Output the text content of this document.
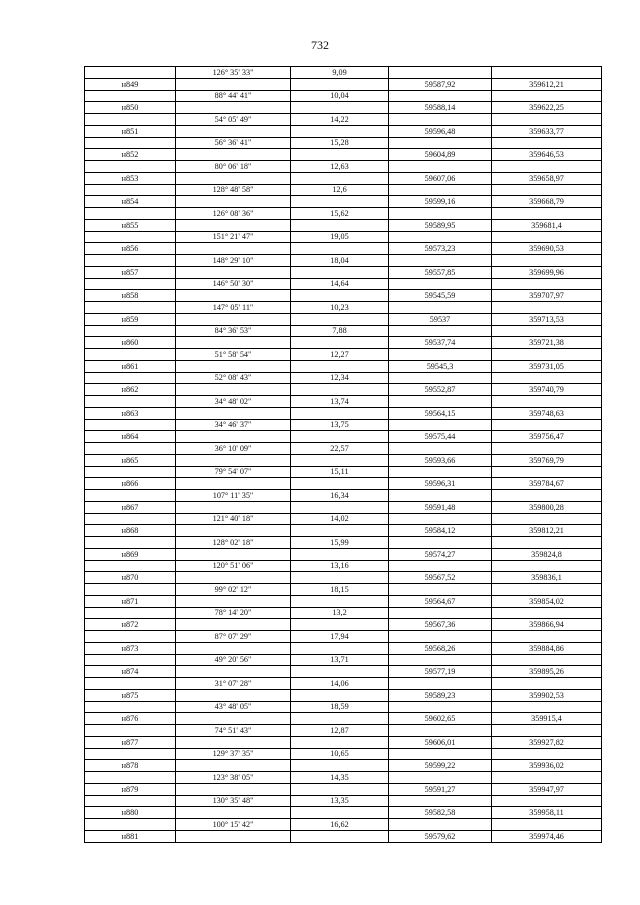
732
	126° 35' 33"	9,09		
н849			59587,92	359612,21
	88° 44' 41"	10,04		
н850			59588,14	359622,25
	54° 05' 49"	14,22		
н851			59596,48	359633,77
	56° 36' 41"	15,28		
н852			59604,89	359646,53
	80° 06' 18"	12,63		
н853			59607,06	359658,97
	128° 48' 58"	12,6		
н854			59599,16	359668,79
	126° 08' 36"	15,62		
н855			59589,95	359681,4
	151° 21' 47"	19,05		
н856			59573,23	359690,53
	148° 29' 10"	18,04		
н857			59557,85	359699,96
	146° 50' 30"	14,64		
н858			59545,59	359707,97
	147° 05' 11"	10,23		
н859			59537	359713,53
	84° 36' 53"	7,88		
н860			59537,74	359721,38
	51° 58' 54"	12,27		
н861			59545,3	359731,05
	52° 08' 43"	12,34		
н862			59552,87	359740,79
	34° 48' 02"	13,74		
н863			59564,15	359748,63
	34° 46' 37"	13,75		
н864			59575,44	359756,47
	36° 10' 09"	22,57		
н865			59593,66	359769,79
	79° 54' 07"	15,11		
н866			59596,31	359784,67
	107° 11' 35"	16,34		
н867			59591,48	359800,28
	121° 40' 18"	14,02		
н868			59584,12	359812,21
	128° 02' 18"	15,99		
н869			59574,27	359824,8
	120° 51' 06"	13,16		
н870			59567,52	359836,1
	99° 02' 12"	18,15		
н871			59564,67	359854,02
	78° 14' 20"	13,2		
н872			59567,36	359866,94
	87° 07' 29"	17,94		
н873			59568,26	359884,86
	49° 20' 56"	13,71		
н874			59577,19	359895,26
	31° 07' 28"	14,06		
н875			59589,23	359902,53
	43° 48' 05"	18,59		
н876			59602,65	359915,4
	74° 51' 43"	12,87		
н877			59606,01	359927,82
	129° 37' 35"	10,65		
н878			59599,22	359936,02
	123° 38' 05"	14,35		
н879			59591,27	359947,97
	130° 35' 48"	13,35		
н880			59582,58	359958,11
	100° 15' 42"	16,62		
н881			59579,62	359974,46
